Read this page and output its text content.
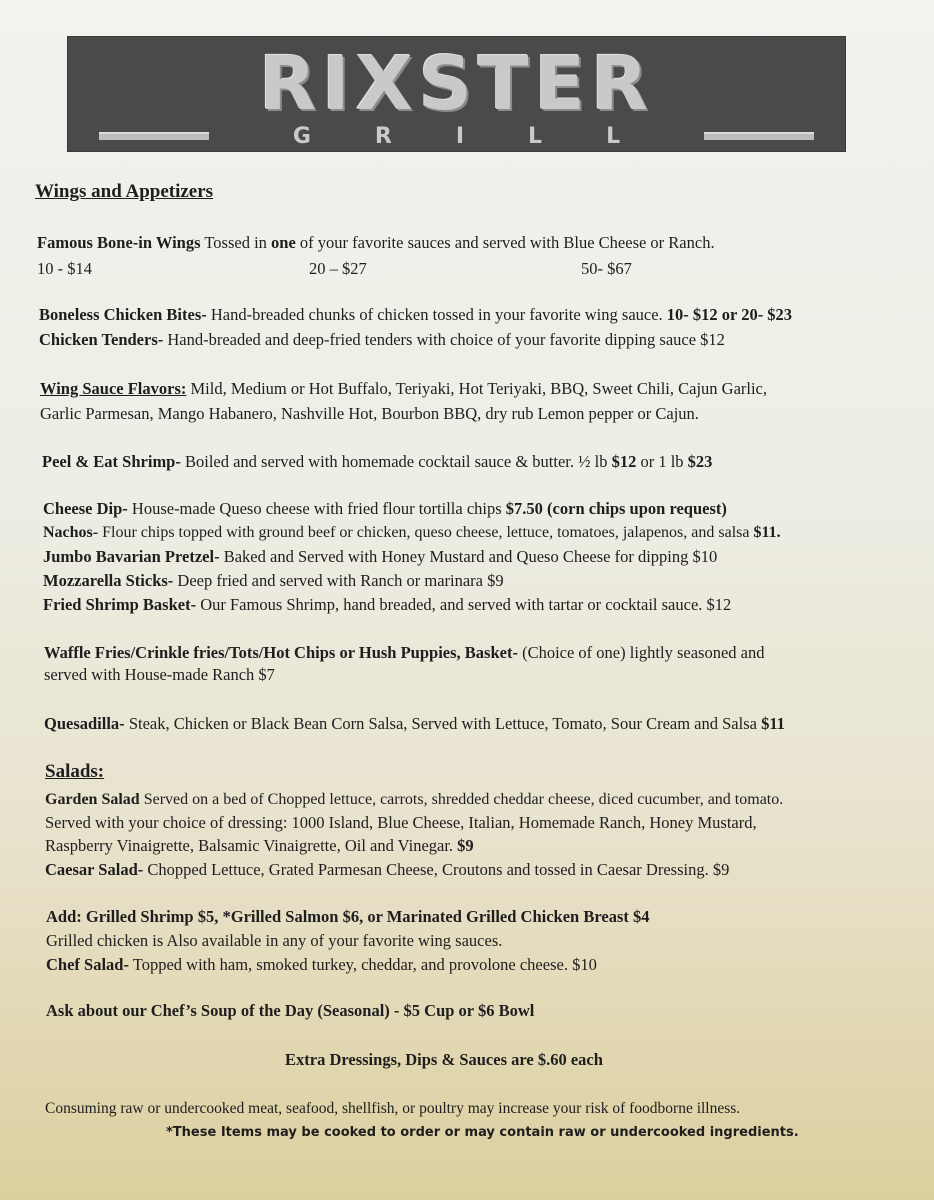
RIXSTER
GRILL
Wings and Appetizers
Famous Bone-in Wings Tossed in one of your favorite sauces and served with Blue Cheese or Ranch.
10 - $14	20 – $27	50- $67
Boneless Chicken Bites- Hand-breaded chunks of chicken tossed in your favorite wing sauce. 10- $12 or 20- $23
Chicken Tenders- Hand-breaded and deep-fried tenders with choice of your favorite dipping sauce $12
Wing Sauce Flavors: Mild, Medium or Hot Buffalo, Teriyaki, Hot Teriyaki, BBQ, Sweet Chili, Cajun Garlic,
Garlic Parmesan, Mango Habanero, Nashville Hot, Bourbon BBQ, dry rub Lemon pepper or Cajun.
Peel & Eat Shrimp- Boiled and served with homemade cocktail sauce & butter. ½ lb $12 or 1 lb $23
Cheese Dip- House-made Queso cheese with fried flour tortilla chips $7.50 (corn chips upon request)
Nachos- Flour chips topped with ground beef or chicken, queso cheese, lettuce, tomatoes, jalapenos, and salsa $11.
Jumbo Bavarian Pretzel- Baked and Served with Honey Mustard and Queso Cheese for dipping $10
Mozzarella Sticks- Deep fried and served with Ranch or marinara $9
Fried Shrimp Basket- Our Famous Shrimp, hand breaded, and served with tartar or cocktail sauce. $12
Waffle Fries/Crinkle fries/Tots/Hot Chips or Hush Puppies, Basket- (Choice of one) lightly seasoned and
served with House-made Ranch $7
Quesadilla- Steak, Chicken or Black Bean Corn Salsa, Served with Lettuce, Tomato, Sour Cream and Salsa $11
Salads:
Garden Salad Served on a bed of Chopped lettuce, carrots, shredded cheddar cheese, diced cucumber, and tomato.
Served with your choice of dressing: 1000 Island, Blue Cheese, Italian, Homemade Ranch, Honey Mustard,
Raspberry Vinaigrette, Balsamic Vinaigrette, Oil and Vinegar. $9
Caesar Salad- Chopped Lettuce, Grated Parmesan Cheese, Croutons and tossed in Caesar Dressing. $9
Add: Grilled Shrimp $5, *Grilled Salmon $6, or Marinated Grilled Chicken Breast $4
Grilled chicken is Also available in any of your favorite wing sauces.
Chef Salad- Topped with ham, smoked turkey, cheddar, and provolone cheese. $10
Ask about our Chef’s Soup of the Day (Seasonal) - $5 Cup or $6 Bowl
Extra Dressings, Dips & Sauces are $.60 each
Consuming raw or undercooked meat, seafood, shellfish, or poultry may increase your risk of foodborne illness.
*These Items may be cooked to order or may contain raw or undercooked ingredients.
